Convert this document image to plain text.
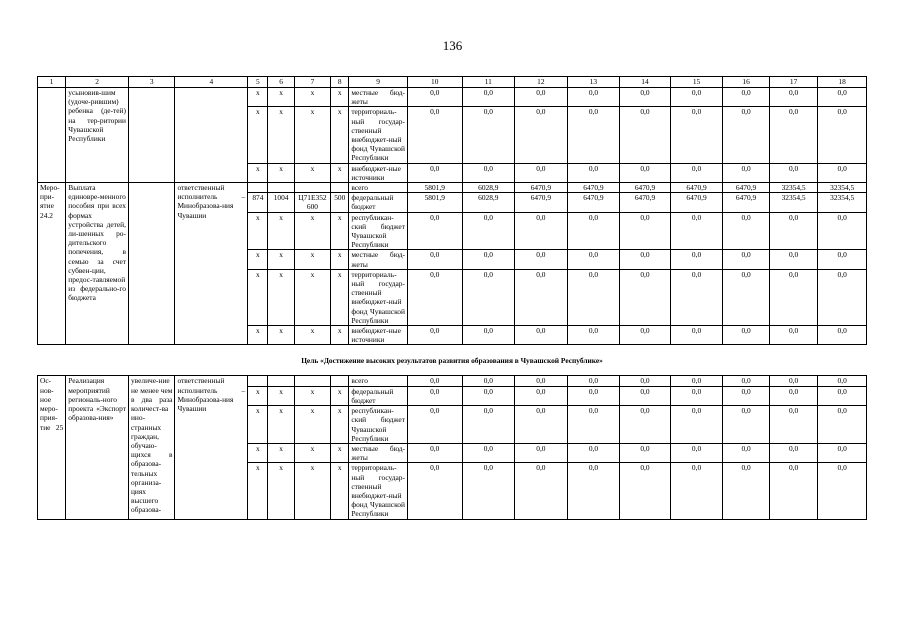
136
1	2	3	4	5	6	7	8	9	10	11	12	13	14	15	16	17	18
	усыновив-шим (удоче-рившим) ребенка (де-тей) на тер-ритории Чувашской Республики			x	x	x	x	местные бюд-жеты	0,0	0,0	0,0	0,0	0,0	0,0	0,0	0,0	0,0
				x	x	x	x	территориаль-ный государ-ственный внебюджет-ный фонд Чувашской Республики	0,0	0,0	0,0	0,0	0,0	0,0	0,0	0,0	0,0
				x	x	x	x	внебюджет-ные источники	0,0	0,0	0,0	0,0	0,0	0,0	0,0	0,0	0,0
Меро-при-ятие 24.2	Выплата единовре-менного пособия при всех формах устройства детей, ли-шенных ро-дительского попечения, в семью за счет субвен-ции, предос-тавляемой из федерально-го бюджета		ответственный исполнитель – Минобразова-ния Чувашии					всего	5801,9	6028,9	6470,9	6470,9	6470,9	6470,9	6470,9	32354,5	32354,5
				874	1004	Ц71Е352 600	500	федеральный бюджет	5801,9	6028,9	6470,9	6470,9	6470,9	6470,9	6470,9	32354,5	32354,5
				x	x	x	x	республикан-ский бюджет Чувашской Республики	0,0	0,0	0,0	0,0	0,0	0,0	0,0	0,0	0,0
				x	x	x	x	местные бюд-жеты	0,0	0,0	0,0	0,0	0,0	0,0	0,0	0,0	0,0
				x	x	x	x	территориаль-ный государ-ственный внебюджет-ный фонд Чувашской Республики	0,0	0,0	0,0	0,0	0,0	0,0	0,0	0,0	0,0
				x	x	x	x	внебюджет-ные источники	0,0	0,0	0,0	0,0	0,0	0,0	0,0	0,0	0,0
Цель «Достижение высоких результатов развития образования в Чувашской Республике»																	
Ос-нов-ное меро-прия-тие 25	Реализация мероприятий региональ-ного проекта «Экспорт образова-ния»	увеличе-ние не менее чем в два раза количест-ва ино-странных граждан, обучаю-щихся в образова-тельных организа-циях высшего образова-	ответственный исполнитель – Минобразова-ния Чувашии					всего	0,0	0,0	0,0	0,0	0,0	0,0	0,0	0,0	0,0
				x	x	x	x	федеральный бюджет	0,0	0,0	0,0	0,0	0,0	0,0	0,0	0,0	0,0
				x	x	x	x	республикан-ский бюджет Чувашской Республики	0,0	0,0	0,0	0,0	0,0	0,0	0,0	0,0	0,0
				x	x	x	x	местные бюд-жеты	0,0	0,0	0,0	0,0	0,0	0,0	0,0	0,0	0,0
				x	x	x	x	территориаль-ный государ-ственный внебюджет-ный фонд Чувашской Республики	0,0	0,0	0,0	0,0	0,0	0,0	0,0	0,0	0,0
